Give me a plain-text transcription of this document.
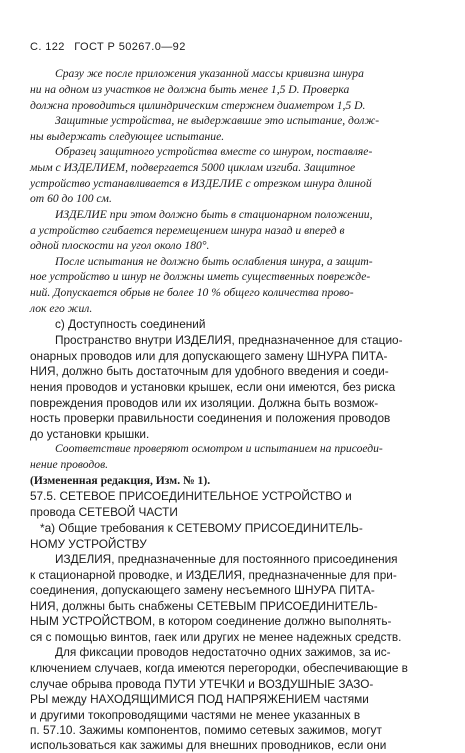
С. 122 ГОСТ Р 50267.0—92
Сразу же после приложения указанной массы кривизна шнура
ни на одном из участков не должна быть менее 1,5 D. Проверка
должна проводиться цилиндрическим стержнем диаметром 1,5 D.
Защитные устройства, не выдержавшие это испытание, долж-
ны выдержать следующее испытание.
Образец защитного устройства вместе со шнуром, поставляе-
мым с ИЗДЕЛИЕМ, подвергается 5000 циклам изгиба. Защитное
устройство устанавливается в ИЗДЕЛИЕ с отрезком шнура длиной
от 60 до 100 см.
ИЗДЕЛИЕ при этом должно быть в стационарном положении,
а устройство сгибается перемещением шнура назад и вперед в
одной плоскости на угол около 180°.
После испытания не должно быть ослабления шнура, а защит-
ное устройство и шнур не должны иметь существенных поврежде-
ний. Допускается обрыв не более 10 % общего количества прово-
лок его жил.
с) Доступность соединений
Пространство внутри ИЗДЕЛИЯ, предназначенное для стацио-
онарных проводов или для допускающего замену ШНУРА ПИТА-
НИЯ, должно быть достаточным для удобного введения и соеди-
нения проводов и установки крышек, если они имеются, без риска
повреждения проводов или их изоляции. Должна быть возмож-
ность проверки правильности соединения и положения проводов
до установки крышки.
Соответствие проверяют осмотром и испытанием на присоеди-
нение проводов.
(Измененная редакция, Изм. № 1).
57.5. СЕТЕВОЕ ПРИСОЕДИНИТЕЛЬНОЕ УСТРОЙСТВО и
провода СЕТЕВОЙ ЧАСТИ
*а) Общие требования к СЕТЕВОМУ ПРИСОЕДИНИТЕЛЬ-
НОМУ УСТРОЙСТВУ
ИЗДЕЛИЯ, предназначенные для постоянного присоединения
к стационарной проводке, и ИЗДЕЛИЯ, предназначенные для при-
соединения, допускающего замену несъемного ШНУРА ПИТА-
НИЯ, должны быть снабжены СЕТЕВЫМ ПРИСОЕДИНИТЕЛЬ-
НЫМ УСТРОЙСТВОМ, в котором соединение должно выполнять-
ся с помощью винтов, гаек или других не менее надежных средств.
Для фиксации проводов недостаточно одних зажимов, за ис-
ключением случаев, когда имеются перегородки, обеспечивающие в
случае обрыва провода ПУТИ УТЕЧКИ и ВОЗДУШНЫЕ ЗАЗО-
РЫ между НАХОДЯЩИМИСЯ ПОД НАПРЯЖЕНИЕМ частями
и другими токопроводящими частями не менее указанных в
п. 57.10. Зажимы компонентов, помимо сетевых зажимов, могут
использоваться как зажимы для внешних проводников, если они
